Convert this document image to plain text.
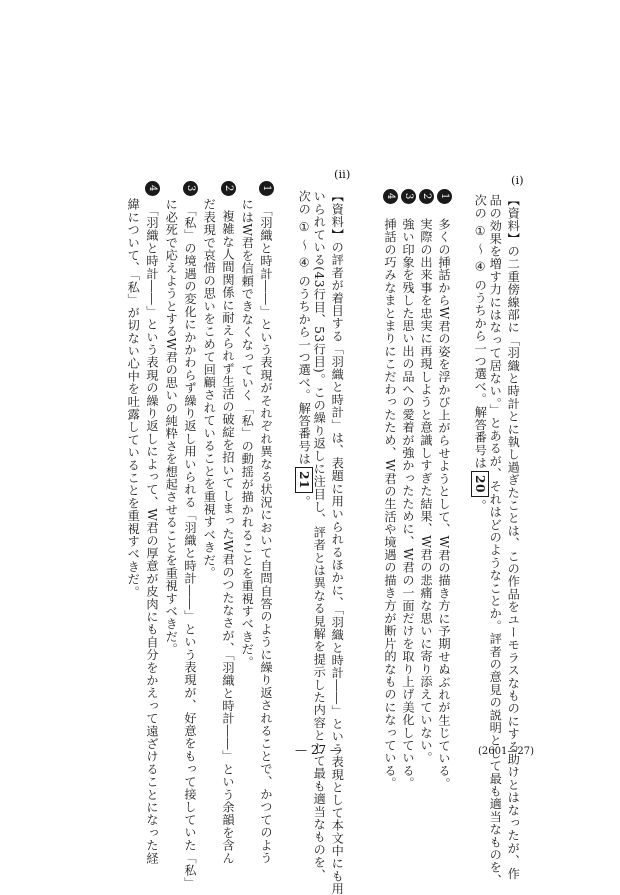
(i)
【資料】の二重傍線部に「羽織と時計とに執し過ぎたことは、この作品をユーモラスなものにする助けとはなったが、作
品の効果を増す力にはなって居ない。」とあるが、それはどのようなことか。評者の意見の説明として最も適当なものを、
次の ① ～ ④ のうちから一つ選べ。解答番号は20。
1　多くの挿話からW君の姿を浮かび上がらせようとして、W君の描き方に予期せぬぶれが生じている。
2　実際の出来事を忠実に再現しようと意識しすぎた結果、W君の悲痛な思いに寄り添えていない。
3　強い印象を残した思い出の品への愛着が強かったために、W君の一面だけを取り上げ美化している。
4　挿話の巧みなまとまりにこだわったため、W君の生活や境遇の描き方が断片的なものになっている。
(ii)
【資料】の評者が着目する「羽織と時計」は、表題に用いられるほかに、「羽織と時計――」という表現として本文中にも用
いられている(43行目、53行目)。この繰り返しに注目し、評者とは異なる見解を提示した内容として最も適当なものを、
次の ① ～ ④ のうちから一つ選べ。解答番号は21。
1　「羽織と時計――」という表現がそれぞれ異なる状況において自問自答のように繰り返されることで、かつてのよう
にはW君を信頼できなくなっていく「私」の動揺が描かれることを重視すべきだ。
2　複雑な人間関係に耐えられず生活の破綻を招いてしまったW君のつたなさが、「羽織と時計――」という余韻を含ん
だ表現で哀惜の思いをこめて回顧されていることを重視すべきだ。
3　「私」の境遇の変化にかかわらず繰り返し用いられる「羽織と時計――」という表現が、好意をもって接していた「私」
に必死で応えようとするW君の思いの純粋さを想起させることを重視すべきだ。
4　「羽織と時計――」という表現の繰り返しによって、W君の厚意が皮肉にも自分をかえって遠ざけることになった経
緯について、「私」が切ない心中を吐露していることを重視すべきだ。
— 27 —	(2601—27)
